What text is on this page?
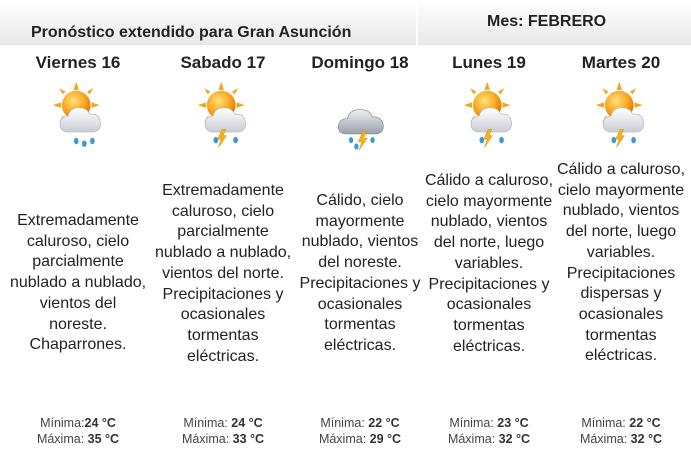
Pronóstico extendido para Gran Asunción
Mes: FEBRERO
Viernes 16
Extremadamente caluroso, cielo parcialmente nublado a nublado, vientos del noreste. Chaparrones.
Mínima:24 °C
Máxima: 35 °C
Sabado 17
Extremadamente caluroso, cielo parcialmente nublado a nublado, vientos del norte. Precipitaciones y ocasionales tormentas eléctricas.
Mínima: 24 °C
Máxima: 33 °C
Domingo 18
Cálido, cielo mayormente nublado, vientos del noreste. Precipitaciones y ocasionales tormentas eléctricas.
Mínima: 22 °C
Máxima: 29 °C
Lunes 19
Cálido a caluroso, cielo mayormente nublado, vientos del norte, luego variables. Precipitaciones y ocasionales tormentas eléctricas.
Mínima: 23 °C
Máxima: 32 °C
Martes 20
Cálido a caluroso, cielo mayormente nublado, vientos del norte, luego variables. Precipitaciones dispersas y ocasionales tormentas eléctricas.
Mínima: 22 °C
Máxima: 32 °C
